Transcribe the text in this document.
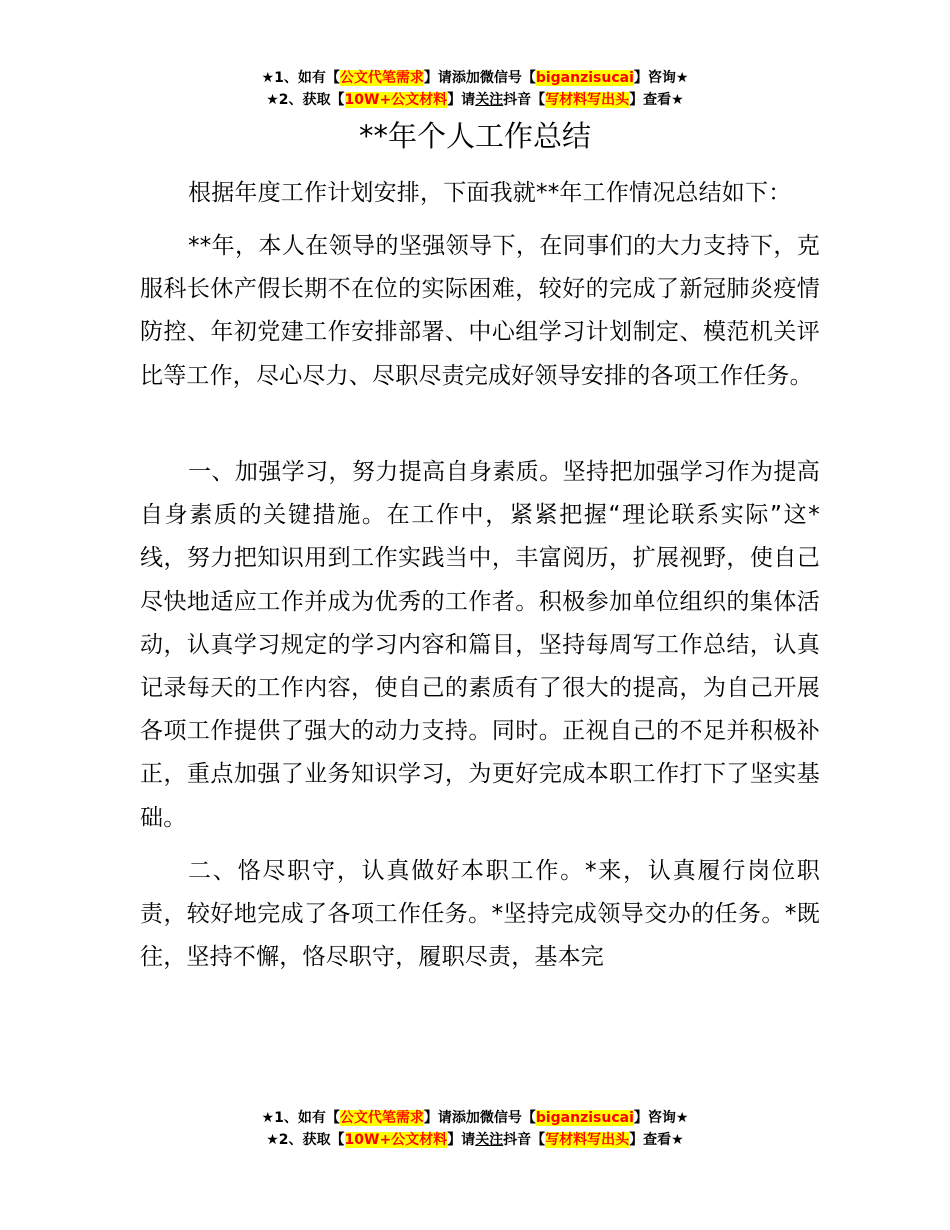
★1、如有【公文代笔需求】请添加微信号【biganzisucai】咨询★
★2、获取【10W+公文材料】请关注抖音【写材料写出头】查看★
**年个人工作总结

根据年度工作计划安排，下面我就**年工作情况总结如下：

**年，本人在领导的坚强领导下，在同事们的大力支持下，克服科长休产假长期不在位的实际困难，较好的完成了新冠肺炎疫情防控、年初党建工作安排部署、中心组学习计划制定、模范机关评比等工作，尽心尽力、尽职尽责完成好领导安排的各项工作任务。

一、加强学习，努力提高自身素质。坚持把加强学习作为提高自身素质的关键措施。在工作中，紧紧把握“理论联系实际”这*线，努力把知识用到工作实践当中，丰富阅历，扩展视野，使自己尽快地适应工作并成为优秀的工作者。积极参加单位组织的集体活动，认真学习规定的学习内容和篇目，坚持每周写工作总结，认真记录每天的工作内容，使自己的素质有了很大的提高，为自己开展各项工作提供了强大的动力支持。同时。正视自己的不足并积极补正，重点加强了业务知识学习，为更好完成本职工作打下了坚实基础。

二、恪尽职守，认真做好本职工作。*来，认真履行岗位职责，较好地完成了各项工作任务。*坚持完成领导交办的任务。*既往，坚持不懈，恪尽职守，履职尽责，基本完

★1、如有【公文代笔需求】请添加微信号【biganzisucai】咨询★
★2、获取【10W+公文材料】请关注抖音【写材料写出头】查看★
